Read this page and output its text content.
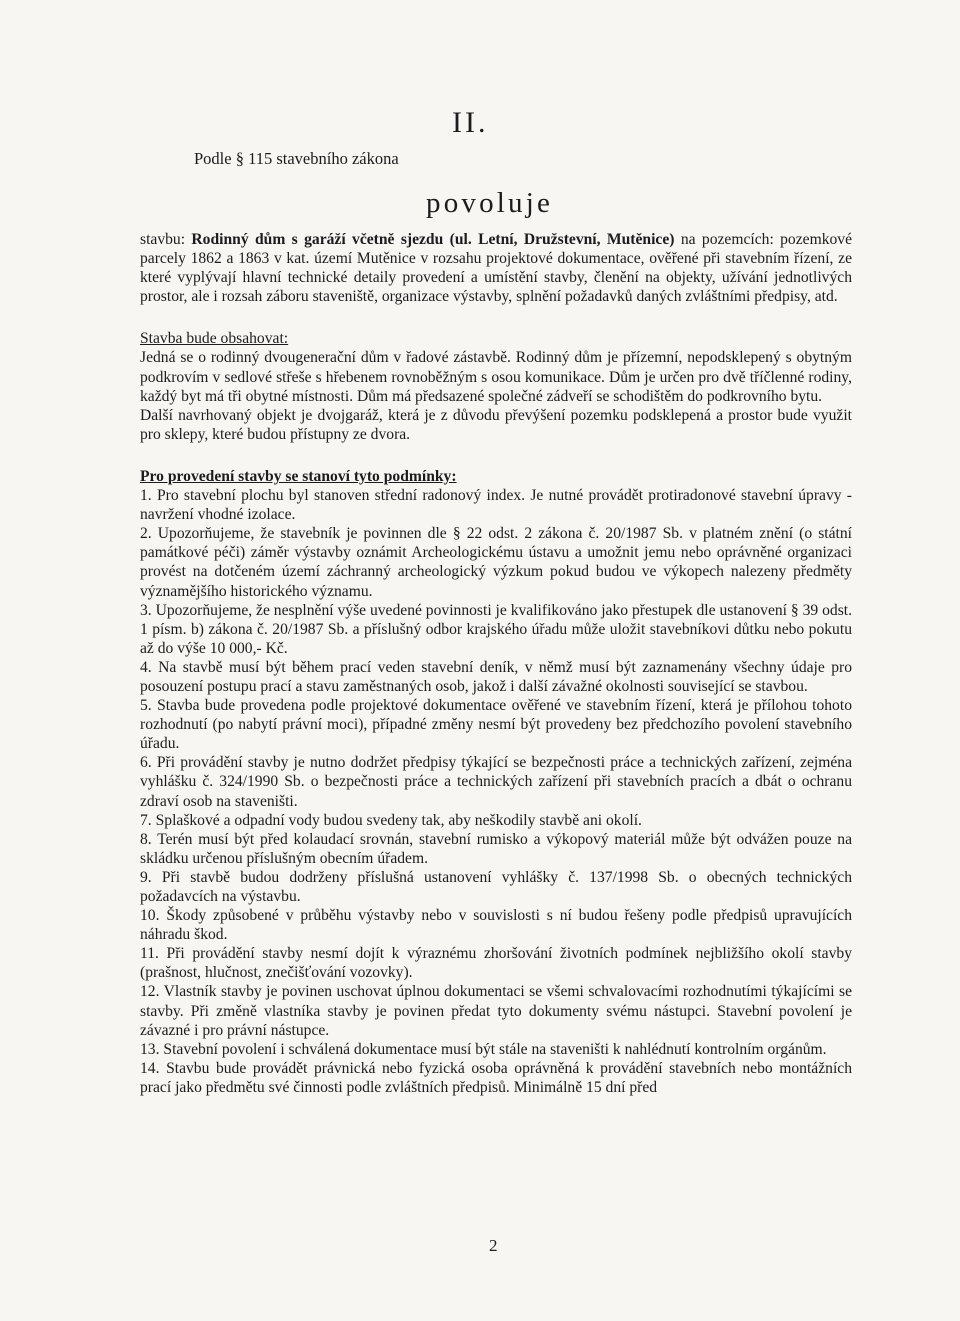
II.

Podle § 115 stavebního zákona

povoluje

stavbu: Rodinný dům s garáží včetně sjezdu (ul. Letní, Družstevní, Mutěnice) na pozemcích: pozemkové parcely 1862 a 1863 v kat. území Mutěnice v rozsahu projektové dokumentace, ověřené při stavebním řízení, ze které vyplývají hlavní technické detaily provedení a umístění stavby, členění na objekty, užívání jednotlivých prostor, ale i rozsah záboru staveniště, organizace výstavby, splnění požadavků daných zvláštními předpisy, atd.

Stavba bude obsahovat:

Jedná se o rodinný dvougenerační dům v řadové zástavbě. Rodinný dům je přízemní, nepodsklepený s obytným podkrovím v sedlové střeše s hřebenem rovnoběžným s osou komunikace. Dům je určen pro dvě tříčlenné rodiny, každý byt má tři obytné místnosti. Dům má předsazené společné zádveří se schodištěm do podkrovního bytu.

Další navrhovaný objekt je dvojgaráž, která je z důvodu převýšení pozemku podsklepená a prostor bude využit pro sklepy, které budou přístupny ze dvora.

Pro provedení stavby se stanoví tyto podmínky:

1. Pro stavební plochu byl stanoven střední radonový index. Je nutné provádět protiradonové stavební úpravy - navržení vhodné izolace.

2. Upozorňujeme, že stavebník je povinnen dle § 22 odst. 2 zákona č. 20/1987 Sb. v platném znění (o státní památkové péči) záměr výstavby oznámit Archeologickému ústavu a umožnit jemu nebo oprávněné organizaci provést na dotčeném území záchranný archeologický výzkum pokud budou ve výkopech nalezeny předměty významějšího historického významu.

3. Upozorňujeme, že nesplnění výše uvedené povinnosti je kvalifikováno jako přestupek dle ustanovení § 39 odst. 1 písm. b) zákona č. 20/1987 Sb. a příslušný odbor krajského úřadu může uložit stavebníkovi důtku nebo pokutu až do výše 10 000,- Kč.

4. Na stavbě musí být během prací veden stavební deník, v němž musí být zaznamenány všechny údaje pro posouzení postupu prací a stavu zaměstnaných osob, jakož i další závažné okolnosti související se stavbou.

5. Stavba bude provedena podle projektové dokumentace ověřené ve stavebním řízení, která je přílohou tohoto rozhodnutí (po nabytí právní moci), případné změny nesmí být provedeny bez předchozího povolení stavebního úřadu.

6. Při provádění stavby je nutno dodržet předpisy týkající se bezpečnosti práce a technických zařízení, zejména vyhlášku č. 324/1990 Sb. o bezpečnosti práce a technických zařízení při stavebních pracích a dbát o ochranu zdraví osob na staveništi.

7. Splaškové a odpadní vody budou svedeny tak, aby neškodily stavbě ani okolí.

8. Terén musí být před kolaudací srovnán, stavební rumisko a výkopový materiál může být odvážen pouze na skládku určenou příslušným obecním úřadem.

9. Při stavbě budou dodrženy příslušná ustanovení vyhlášky č. 137/1998 Sb. o obecných technických požadavcích na výstavbu.

10. Škody způsobené v průběhu výstavby nebo v souvislosti s ní budou řešeny podle předpisů upravujících náhradu škod.

11. Při provádění stavby nesmí dojít k výraznému zhoršování životních podmínek nejbližšího okolí stavby (prašnost, hlučnost, znečišťování vozovky).

12. Vlastník stavby je povinen uschovat úplnou dokumentaci se všemi schvalovacími rozhodnutími týkajícími se stavby. Při změně vlastníka stavby je povinen předat tyto dokumenty svému nástupci. Stavební povolení je závazné i pro právní nástupce.

13. Stavební povolení i schválená dokumentace musí být stále na staveništi k nahlédnutí kontrolním orgánům.

14. Stavbu bude provádět právnická nebo fyzická osoba oprávněná k provádění stavebních nebo montážních prací jako předmětu své činnosti podle zvláštních předpisů. Minimálně 15 dní před

2
